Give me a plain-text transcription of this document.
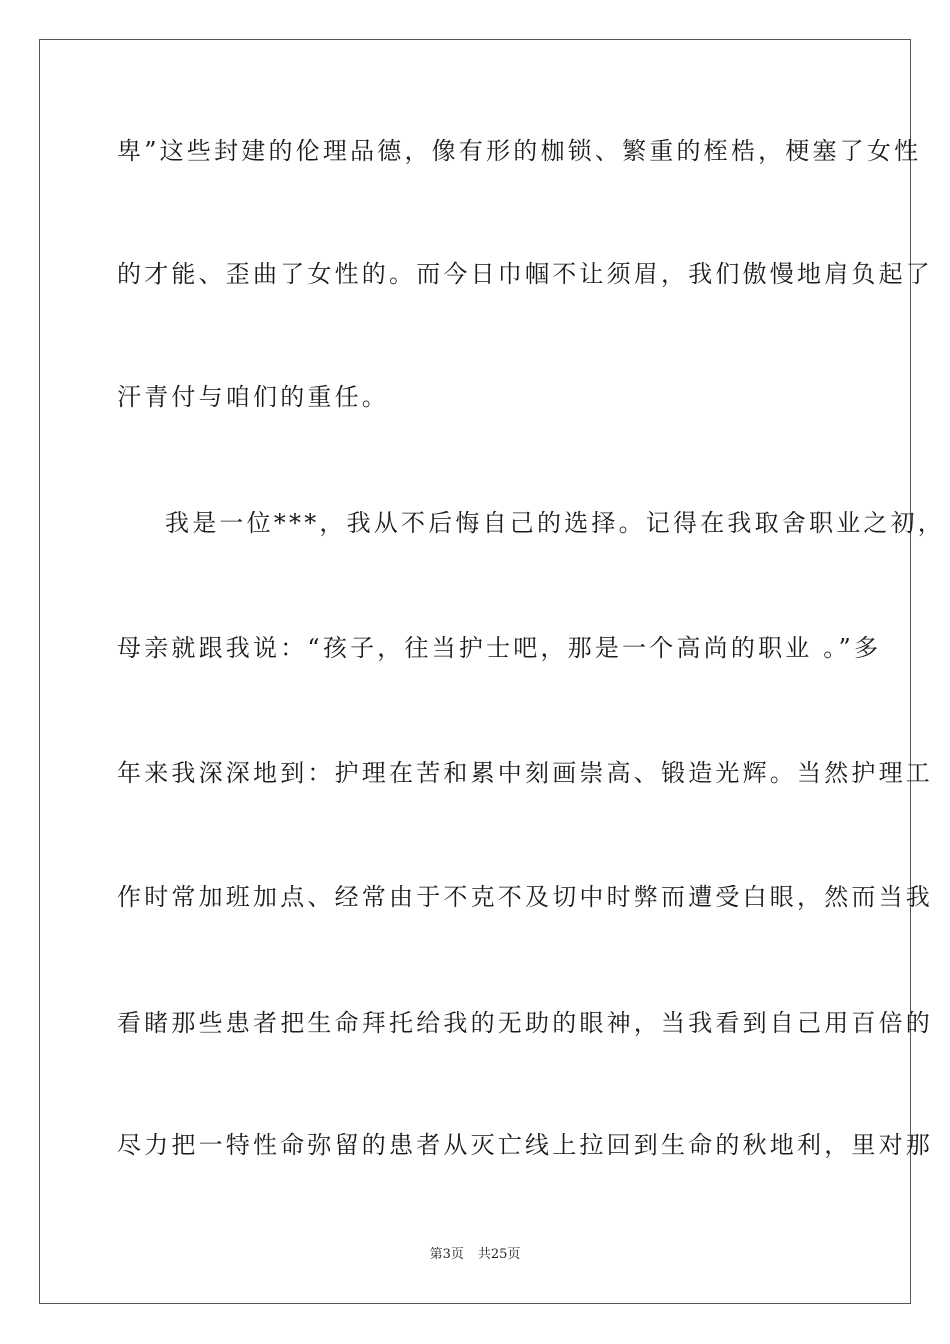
卑”这些封建的伦理品德，像有形的枷锁、繁重的桎梏，梗塞了女性

的才能、歪曲了女性的。而今日巾帼不让须眉，我们傲慢地肩负起了

汗青付与咱们的重任。

我是一位***，我从不后悔自己的选择。记得在我取舍职业之初，

母亲就跟我说：“孩子，往当护士吧，那是一个高尚的职业 。”多

年来我深深地到：护理在苦和累中刻画崇高、锻造光辉。当然护理工

作时常加班加点、经常由于不克不及切中时弊而遭受白眼，然而当我

看睹那些患者把生命拜托给我的无助的眼神，当我看到自己用百倍的

尽力把一特性命弥留的患者从灭亡线上拉回到生命的秋地利，里对那

第3页 共25页
